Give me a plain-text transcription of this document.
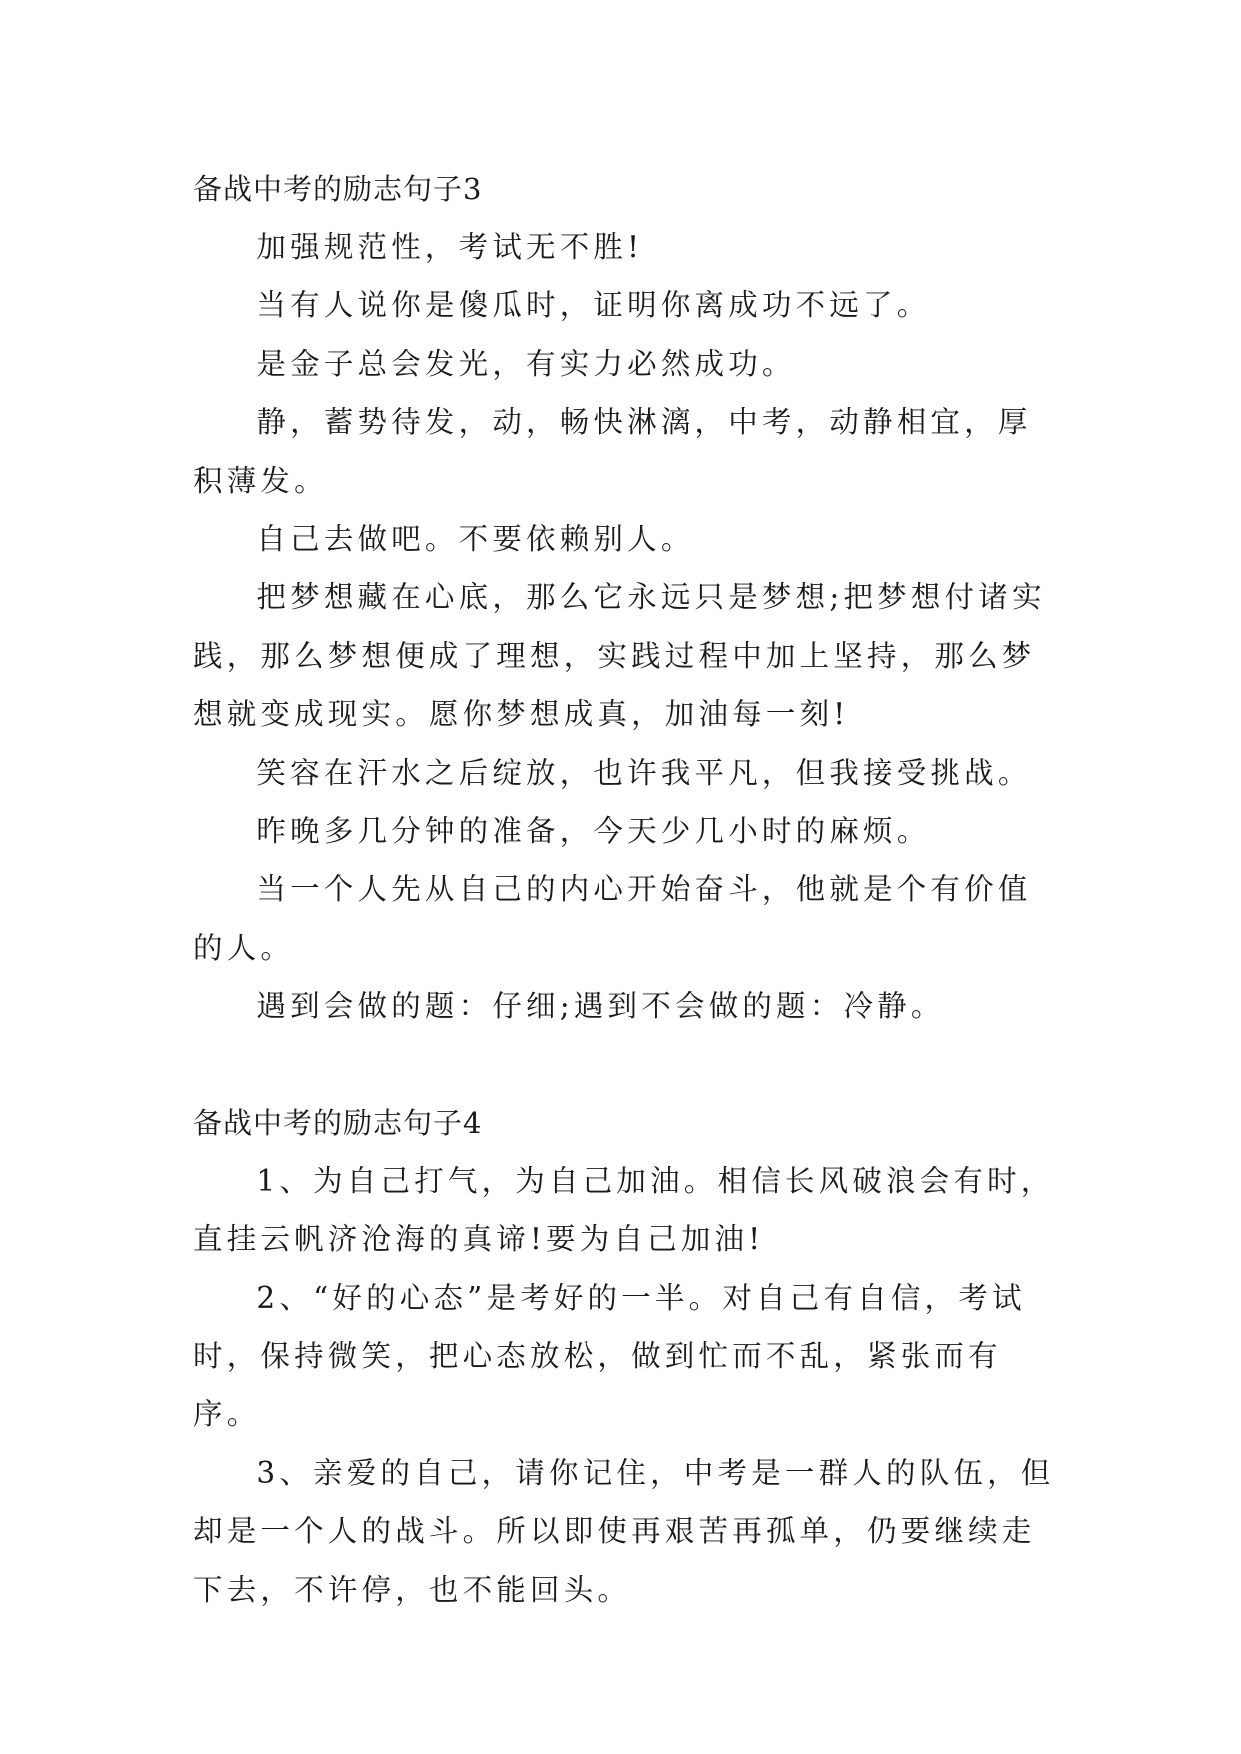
备战中考的励志句子3

加强规范性，考试无不胜!

当有人说你是傻瓜时，证明你离成功不远了。

是金子总会发光，有实力必然成功。

静，蓄势待发，动，畅快淋漓，中考，动静相宜，厚积薄发。

自己去做吧。不要依赖别人。

把梦想藏在心底，那么它永远只是梦想;把梦想付诸实践，那么梦想便成了理想，实践过程中加上坚持，那么梦想就变成现实。愿你梦想成真，加油每一刻!

笑容在汗水之后绽放，也许我平凡，但我接受挑战。

昨晚多几分钟的准备，今天少几小时的麻烦。

当一个人先从自己的内心开始奋斗，他就是个有价值的人。

遇到会做的题：仔细;遇到不会做的题：冷静。

备战中考的励志句子4

1、为自己打气，为自己加油。相信长风破浪会有时，直挂云帆济沧海的真谛!要为自己加油!

2、“好的心态”是考好的一半。对自己有自信，考试时，保持微笑，把心态放松，做到忙而不乱，紧张而有序。

3、亲爱的自己，请你记住，中考是一群人的队伍，但却是一个人的战斗。所以即使再艰苦再孤单，仍要继续走下去，不许停，也不能回头。
